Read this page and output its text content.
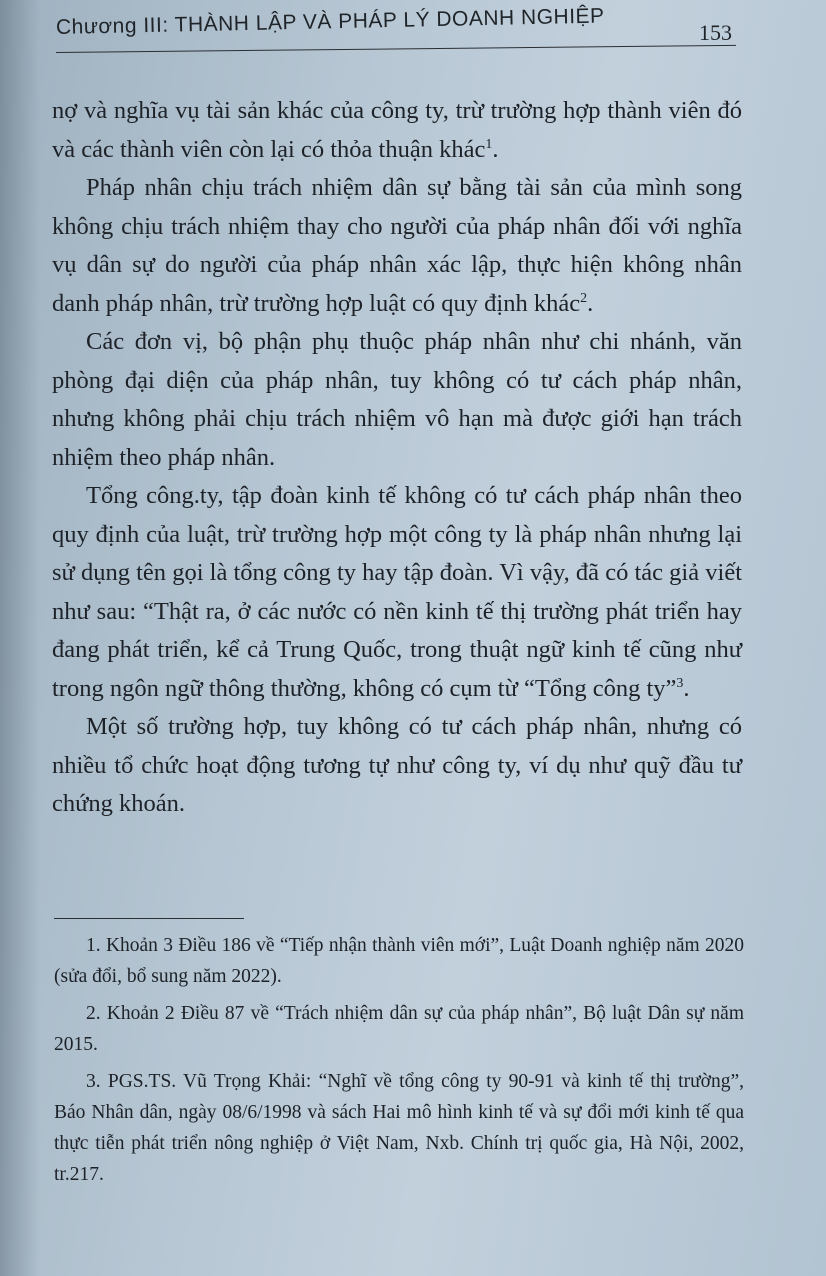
Chương III: THÀNH LẬP VÀ PHÁP LÝ DOANH NGHIỆP	153

nợ và nghĩa vụ tài sản khác của công ty, trừ trường hợp thành viên đó và các thành viên còn lại có thỏa thuận khác$^1$.

Pháp nhân chịu trách nhiệm dân sự bằng tài sản của mình song không chịu trách nhiệm thay cho người của pháp nhân đối với nghĩa vụ dân sự do người của pháp nhân xác lập, thực hiện không nhân danh pháp nhân, trừ trường hợp luật có quy định khác$^2$.

Các đơn vị, bộ phận phụ thuộc pháp nhân như chi nhánh, văn phòng đại diện của pháp nhân, tuy không có tư cách pháp nhân, nhưng không phải chịu trách nhiệm vô hạn mà được giới hạn trách nhiệm theo pháp nhân.

Tổng công.ty, tập đoàn kinh tế không có tư cách pháp nhân theo quy định của luật, trừ trường hợp một công ty là pháp nhân nhưng lại sử dụng tên gọi là tổng công ty hay tập đoàn. Vì vậy, đã có tác giả viết như sau: “Thật ra, ở các nước có nền kinh tế thị trường phát triển hay đang phát triển, kể cả Trung Quốc, trong thuật ngữ kinh tế cũng như trong ngôn ngữ thông thường, không có cụm từ “Tổng công ty”$^3$.

Một số trường hợp, tuy không có tư cách pháp nhân, nhưng có nhiều tổ chức hoạt động tương tự như công ty, ví dụ như quỹ đầu tư chứng khoán.

1. Khoản 3 Điều 186 về “Tiếp nhận thành viên mới”, Luật Doanh nghiệp năm 2020 (sửa đổi, bổ sung năm 2022).

2. Khoản 2 Điều 87 về “Trách nhiệm dân sự của pháp nhân”, Bộ luật Dân sự năm 2015.

3. PGS.TS. Vũ Trọng Khải: “Nghĩ về tổng công ty 90-91 và kinh tế thị trường”, Báo Nhân dân, ngày 08/6/1998 và sách Hai mô hình kinh tế và sự đổi mới kinh tế qua thực tiễn phát triển nông nghiệp ở Việt Nam, Nxb. Chính trị quốc gia, Hà Nội, 2002, tr.217.
